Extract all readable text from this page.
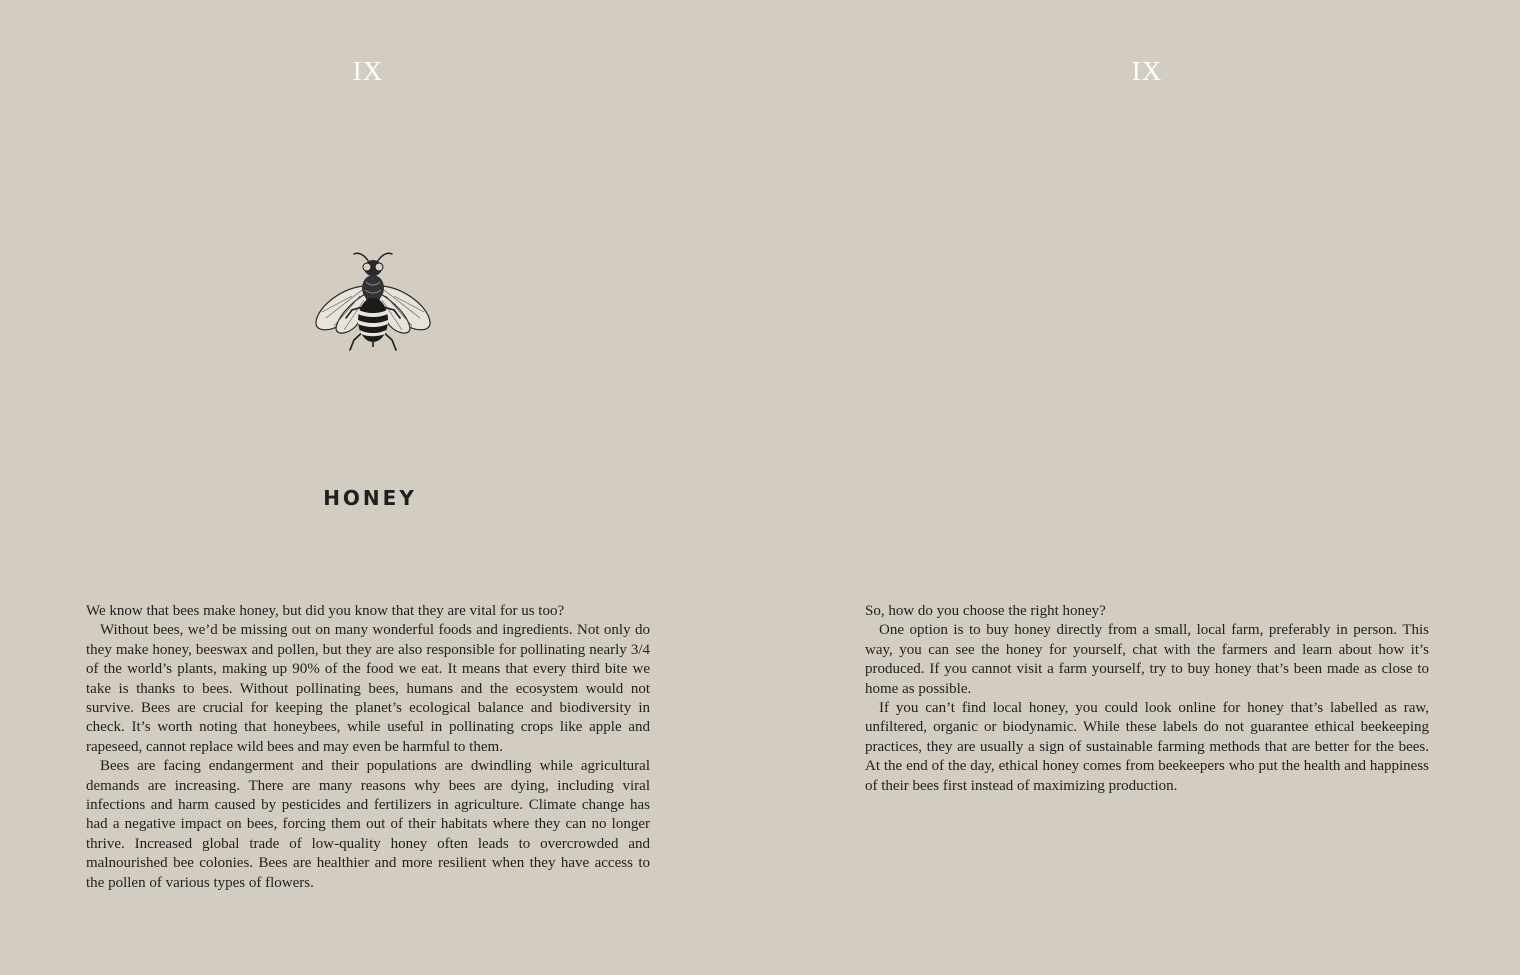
IX
HONEY

We know that bees make honey, but did you know that they are vital for us too?

Without bees, we’d be missing out on many wonderful foods and ingredients. Not only do they make honey, beeswax and pollen, but they are also responsible for pollinating nearly 3/4 of the world’s plants, making up 90% of the food we eat. It means that every third bite we take is thanks to bees. Without pollinating bees, humans and the ecosystem would not survive. Bees are crucial for keeping the planet’s ecological balance and biodiversity in check. It’s worth noting that honeybees, while useful in pollinating crops like apple and rapeseed, cannot replace wild bees and may even be harmful to them.

Bees are facing endangerment and their populations are dwindling while agricultural demands are increasing. There are many reasons why bees are dying, including viral infections and harm caused by pesticides and fertilizers in agriculture. Climate change has had a negative impact on bees, forcing them out of their habitats where they can no longer thrive. Increased global trade of low-quality honey often leads to overcrowded and malnourished bee colonies. Bees are healthier and more resilient when they have access to the pollen of various types of flowers.

IX

So, how do you choose the right honey?

One option is to buy honey directly from a small, local farm, preferably in person. This way, you can see the honey for yourself, chat with the farmers and learn about how it’s produced. If you cannot visit a farm yourself, try to buy honey that’s been made as close to home as possible.

If you can’t find local honey, you could look online for honey that’s labelled as raw, unfiltered, organic or biodynamic. While these labels do not guarantee ethical beekeeping practices, they are usually a sign of sustainable farming methods that are better for the bees. At the end of the day, ethical honey comes from beekeepers who put the health and happiness of their bees first instead of maximizing production.
